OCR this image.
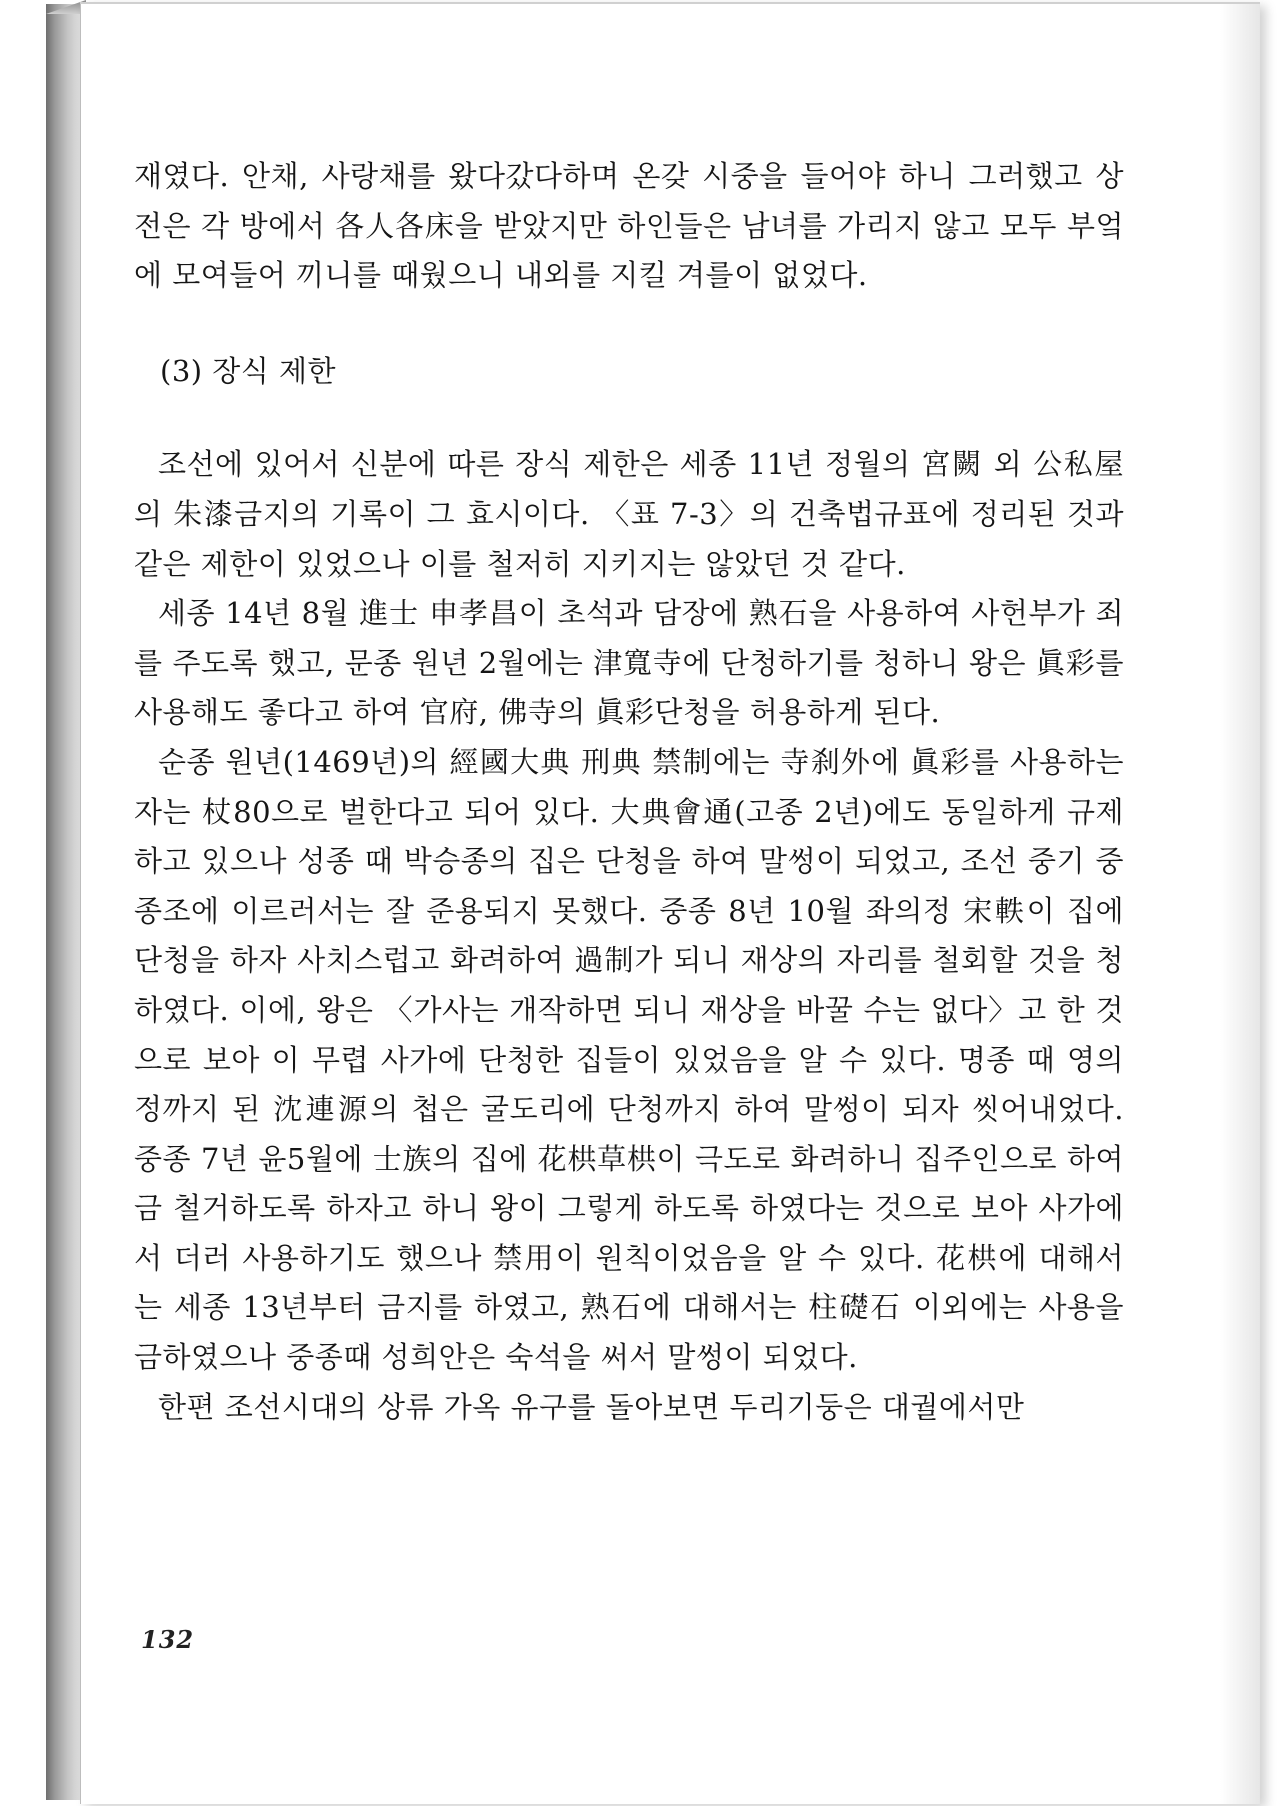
재였다. 안채, 사랑채를 왔다갔다하며 온갖 시중을 들어야 하니 그러했고 상전은 각 방에서 各人各床을 받았지만 하인들은 남녀를 가리지 않고 모두 부엌에 모여들어 끼니를 때웠으니 내외를 지킬 겨를이 없었다.

(3) 장식 제한

조선에 있어서 신분에 따른 장식 제한은 세종 11년 정월의 宮闕 외 公私屋의 朱漆금지의 기록이 그 효시이다. 〈표 7-3〉의 건축법규표에 정리된 것과 같은 제한이 있었으나 이를 철저히 지키지는 않았던 것 같다.

세종 14년 8월 進士 申孝昌이 초석과 담장에 熟石을 사용하여 사헌부가 죄를 주도록 했고, 문종 원년 2월에는 津寬寺에 단청하기를 청하니 왕은 眞彩를 사용해도 좋다고 하여 官府, 佛寺의 眞彩단청을 허용하게 된다.

순종 원년(1469년)의 經國大典 刑典 禁制에는 寺刹外에 眞彩를 사용하는 자는 杖80으로 벌한다고 되어 있다. 大典會通(고종 2년)에도 동일하게 규제하고 있으나 성종 때 박승종의 집은 단청을 하여 말썽이 되었고, 조선 중기 중종조에 이르러서는 잘 준용되지 못했다. 중종 8년 10월 좌의정 宋軼이 집에 단청을 하자 사치스럽고 화려하여 過制가 되니 재상의 자리를 철회할 것을 청하였다. 이에, 왕은 〈가사는 개작하면 되니 재상을 바꿀 수는 없다〉고 한 것으로 보아 이 무렵 사가에 단청한 집들이 있었음을 알 수 있다. 명종 때 영의정까지 된 沈連源의 첩은 굴도리에 단청까지 하여 말썽이 되자 씻어내었다. 중종 7년 윤5월에 士族의 집에 花栱草栱이 극도로 화려하니 집주인으로 하여금 철거하도록 하자고 하니 왕이 그렇게 하도록 하였다는 것으로 보아 사가에서 더러 사용하기도 했으나 禁用이 원칙이었음을 알 수 있다. 花栱에 대해서는 세종 13년부터 금지를 하였고, 熟石에 대해서는 柱礎石 이외에는 사용을 금하였으나 중종때 성희안은 숙석을 써서 말썽이 되었다.

한편 조선시대의 상류 가옥 유구를 돌아보면 두리기둥은 대궐에서만

132
